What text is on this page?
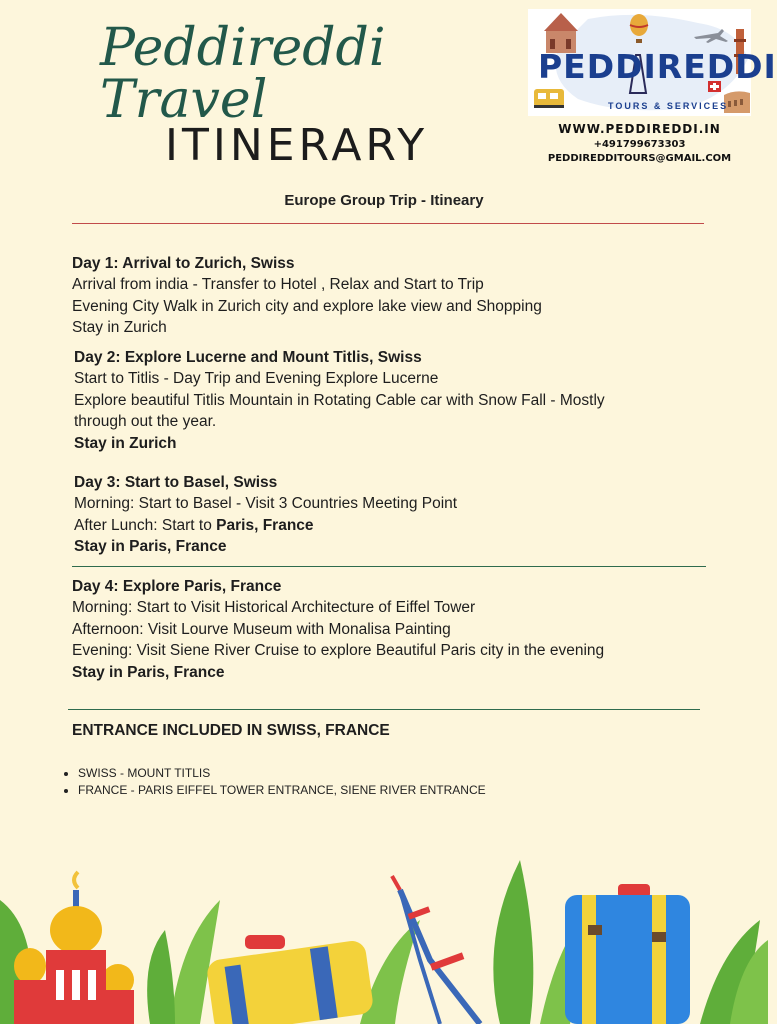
Peddireddi Travel
ITINERARY
PEDDIREDDI
TOURS & SERVICES
WWW.PEDDIREDDI.IN
+491799673303
PEDDIREDDITOURS@GMAIL.COM
Europe Group Trip - Itineary
Day 1: Arrival to Zurich, Swiss
Arrival from india - Transfer to Hotel , Relax and Start to Trip
Evening City Walk in Zurich city and explore lake view and Shopping
Stay in Zurich
Day 2: Explore Lucerne and Mount Titlis, Swiss
Start to Titlis - Day Trip and Evening Explore Lucerne
Explore beautiful Titlis Mountain in Rotating Cable car with Snow Fall - Mostly
through out the year.
Stay in Zurich
Day 3: Start to Basel, Swiss
Morning: Start to Basel - Visit 3 Countries Meeting Point
After Lunch: Start to Paris, France
Stay in Paris, France
Day 4: Explore Paris, France
Morning: Start to Visit Historical Architecture of Eiffel Tower
Afternoon: Visit Lourve Museum with Monalisa Painting
Evening: Visit Siene River Cruise to explore Beautiful Paris city in the evening
Stay in Paris, France
ENTRANCE INCLUDED IN SWISS, FRANCE
• SWISS - MOUNT TITLIS
• FRANCE - PARIS EIFFEL TOWER ENTRANCE, SIENE RIVER ENTRANCE
